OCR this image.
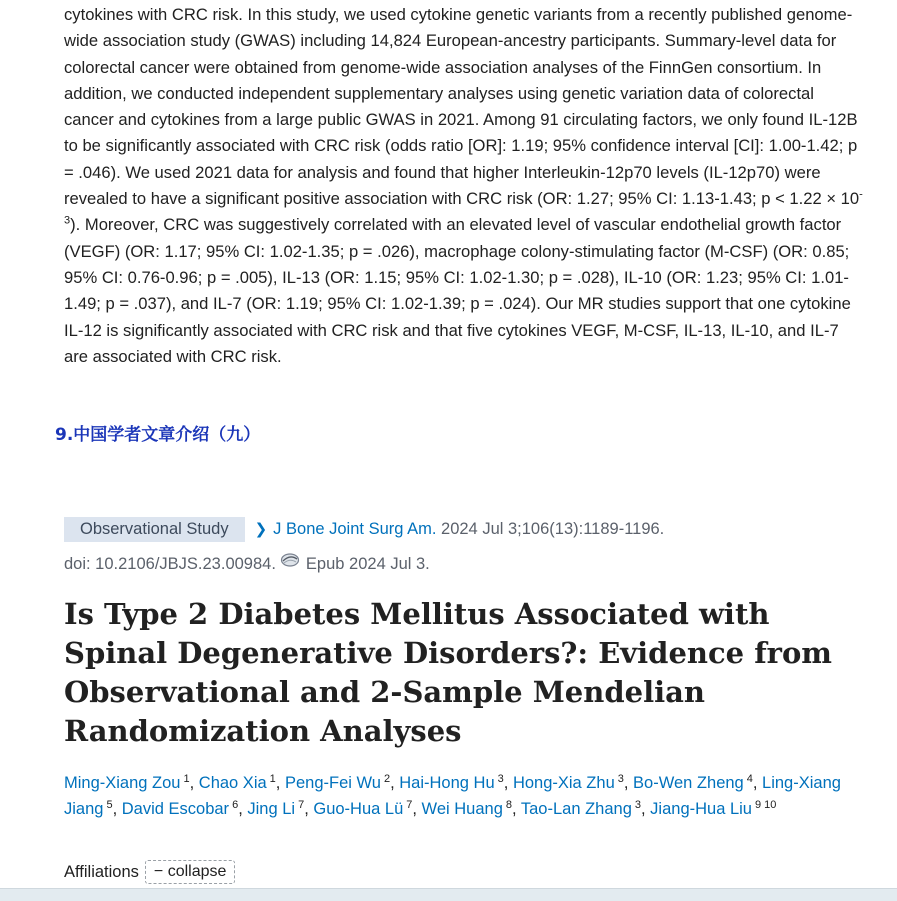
cytokines with CRC risk. In this study, we used cytokine genetic variants from a recently published genome-wide association study (GWAS) including 14,824 European-ancestry participants. Summary-level data for colorectal cancer were obtained from genome-wide association analyses of the FinnGen consortium. In addition, we conducted independent supplementary analyses using genetic variation data of colorectal cancer and cytokines from a large public GWAS in 2021. Among 91 circulating factors, we only found IL-12B to be significantly associated with CRC risk (odds ratio [OR]: 1.19; 95% confidence interval [CI]: 1.00-1.42; p = .046). We used 2021 data for analysis and found that higher Interleukin-12p70 levels (IL-12p70) were revealed to have a significant positive association with CRC risk (OR: 1.27; 95% CI: 1.13-1.43; $p < 1.22 \times 10^{-3}$). Moreover, CRC was suggestively correlated with an elevated level of vascular endothelial growth factor (VEGF) (OR: 1.17; 95% CI: 1.02-1.35; p = .026), macrophage colony-stimulating factor (M-CSF) (OR: 0.85; 95% CI: 0.76-0.96; p = .005), IL-13 (OR: 1.15; 95% CI: 1.02-1.30; p = .028), IL-10 (OR: 1.23; 95% CI: 1.01-1.49; p = .037), and IL-7 (OR: 1.19; 95% CI: 1.02-1.39; p = .024). Our MR studies support that one cytokine IL-12 is significantly associated with CRC risk and that five cytokines VEGF, M-CSF, IL-13, IL-10, and IL-7 are associated with CRC risk.

9.中国学者文章介绍（九）
Observational Study	❯ J Bone Joint Surg Am. 2024 Jul 3;106(13):1189-1196.
doi: 10.2106/JBJS.23.00984. Epub 2024 Jul 3.
Is Type 2 Diabetes Mellitus Associated with Spinal Degenerative Disorders?: Evidence from Observational and 2-Sample Mendelian Randomization Analyses
Ming-Xiang Zou $^1$, Chao Xia $^1$, Peng-Fei Wu $^2$, Hai-Hong Hu $^3$, Hong-Xia Zhu $^3$, Bo-Wen Zheng $^4$, Ling-Xiang Jiang $^5$, David Escobar $^6$, Jing Li $^7$, Guo-Hua Lü $^7$, Wei Huang $^8$, Tao-Lan Zhang $^3$, Jiang-Hua Liu $^{9 10}$
Affiliations − collapse
